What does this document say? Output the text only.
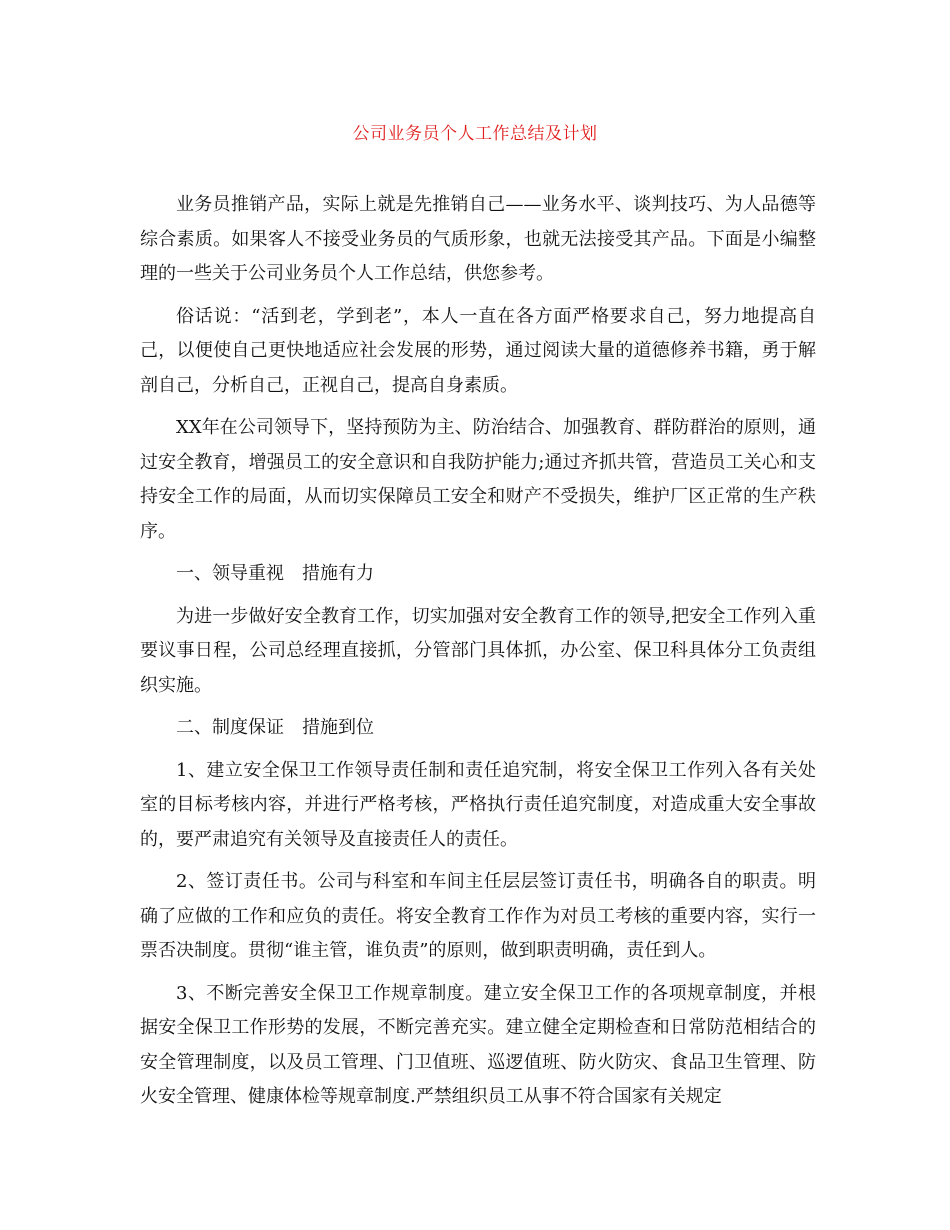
公司业务员个人工作总结及计划

业务员推销产品，实际上就是先推销自己——业务水平、谈判技巧、为人品德等综合素质。如果客人不接受业务员的气质形象，也就无法接受其产品。下面是小编整理的一些关于公司业务员个人工作总结，供您参考。

俗话说：“活到老，学到老”，本人一直在各方面严格要求自己，努力地提高自己，以便使自己更快地适应社会发展的形势，通过阅读大量的道德修养书籍，勇于解剖自己，分析自己，正视自己，提高自身素质。

XX年在公司领导下，坚持预防为主、防治结合、加强教育、群防群治的原则，通过安全教育，增强员工的安全意识和自我防护能力;通过齐抓共管，营造员工关心和支持安全工作的局面，从而切实保障员工安全和财产不受损失，维护厂区正常的生产秩序。

一、领导重视　措施有力

为进一步做好安全教育工作，切实加强对安全教育工作的领导,把安全工作列入重要议事日程，公司总经理直接抓，分管部门具体抓，办公室、保卫科具体分工负责组织实施。

二、制度保证　措施到位

1、建立安全保卫工作领导责任制和责任追究制，将安全保卫工作列入各有关处室的目标考核内容，并进行严格考核，严格执行责任追究制度，对造成重大安全事故的，要严肃追究有关领导及直接责任人的责任。

2、签订责任书。公司与科室和车间主任层层签订责任书，明确各自的职责。明确了应做的工作和应负的责任。将安全教育工作作为对员工考核的重要内容，实行一票否决制度。贯彻“谁主管，谁负责”的原则，做到职责明确，责任到人。

3、不断完善安全保卫工作规章制度。建立安全保卫工作的各项规章制度，并根据安全保卫工作形势的发展，不断完善充实。建立健全定期检查和日常防范相结合的安全管理制度，以及员工管理、门卫值班、巡逻值班、防火防灾、食品卫生管理、防火安全管理、健康体检等规章制度.严禁组织员工从事不符合国家有关规定
